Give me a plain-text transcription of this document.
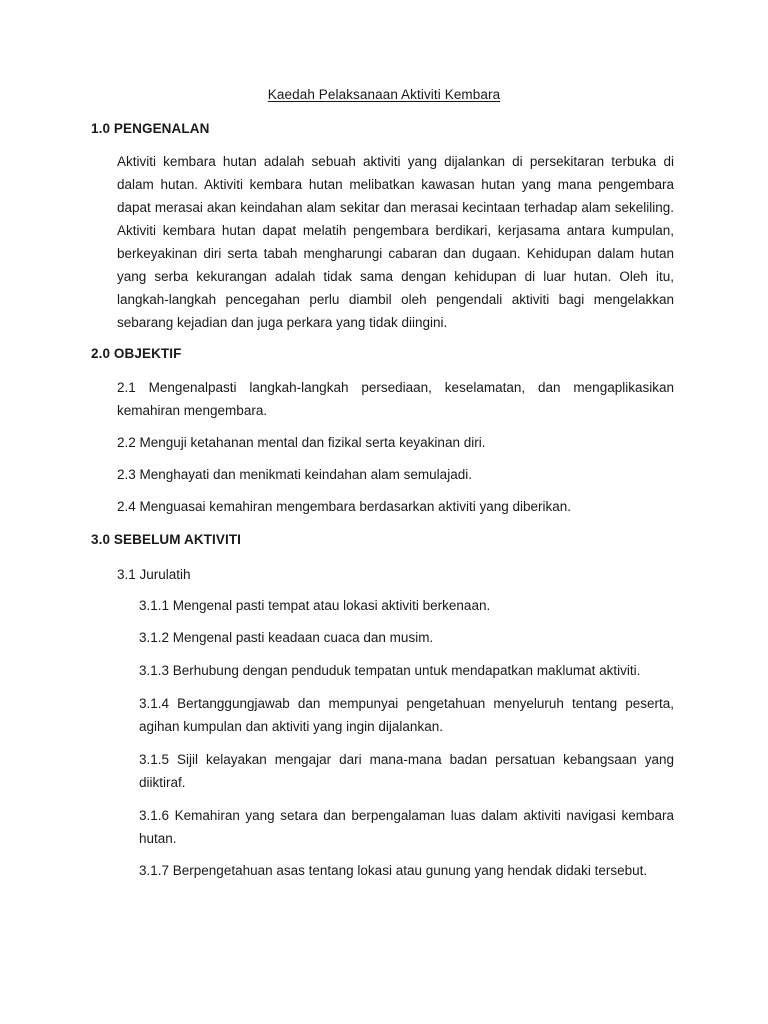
Kaedah Pelaksanaan Aktiviti Kembara
1.0 PENGENALAN

Aktiviti kembara hutan adalah sebuah aktiviti yang dijalankan di persekitaran terbuka di dalam hutan. Aktiviti kembara hutan melibatkan kawasan hutan yang mana pengembara dapat merasai akan keindahan alam sekitar dan merasai kecintaan terhadap alam sekeliling. Aktiviti kembara hutan dapat melatih pengembara berdikari, kerjasama antara kumpulan, berkeyakinan diri serta tabah mengharungi cabaran dan dugaan. Kehidupan dalam hutan yang serba kekurangan adalah tidak sama dengan kehidupan di luar hutan. Oleh itu, langkah-langkah pencegahan perlu diambil oleh pengendali aktiviti bagi mengelakkan sebarang kejadian dan juga perkara yang tidak diingini.

2.0 OBJEKTIF

2.1 Mengenalpasti langkah-langkah persediaan, keselamatan, dan mengaplikasikan kemahiran mengembara.

2.2 Menguji ketahanan mental dan fizikal serta keyakinan diri.
2.3 Menghayati dan menikmati keindahan alam semulajadi.
2.4 Menguasai kemahiran mengembara berdasarkan aktiviti yang diberikan.
3.0 SEBELUM AKTIVITI
3.1 Jurulatih
3.1.1 Mengenal pasti tempat atau lokasi aktiviti berkenaan.
3.1.2 Mengenal pasti keadaan cuaca dan musim.
3.1.3 Berhubung dengan penduduk tempatan untuk mendapatkan maklumat aktiviti.

3.1.4 Bertanggungjawab dan mempunyai pengetahuan menyeluruh tentang peserta, agihan kumpulan dan aktiviti yang ingin dijalankan.

3.1.5 Sijil kelayakan mengajar dari mana-mana badan persatuan kebangsaan yang diiktiraf.

3.1.6 Kemahiran yang setara dan berpengalaman luas dalam aktiviti navigasi kembara hutan.

3.1.7 Berpengetahuan asas tentang lokasi atau gunung yang hendak didaki tersebut.
